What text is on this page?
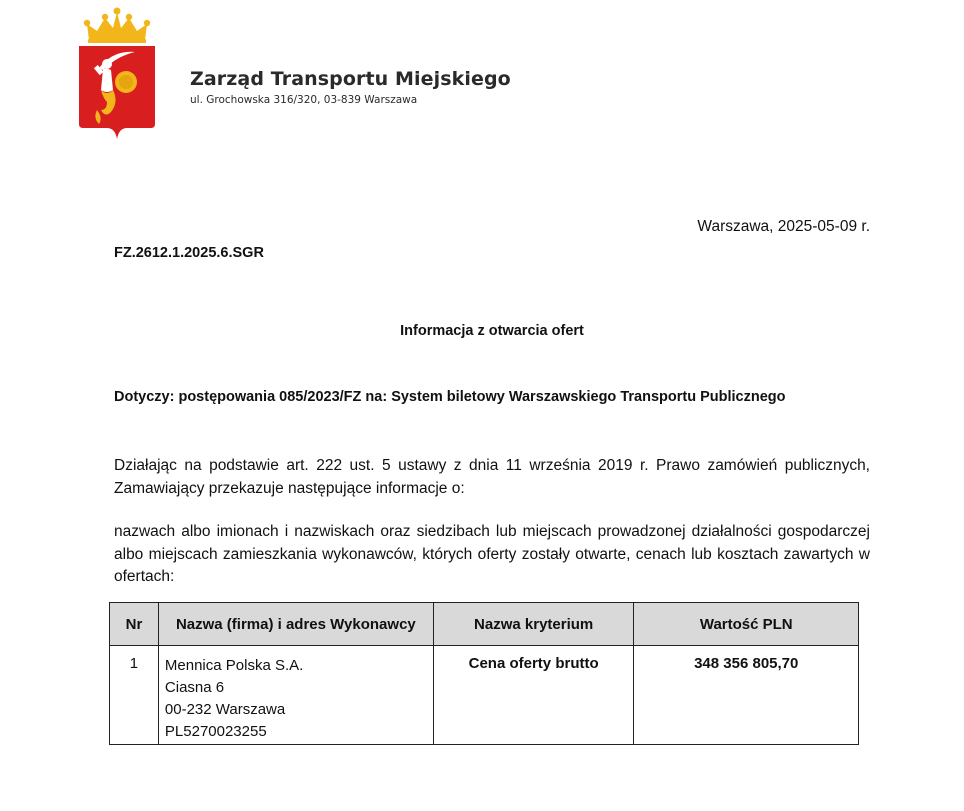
Zarząd Transportu Miejskiego
ul. Grochowska 316/320, 03-839 Warszawa
Warszawa, 2025-05-09 r.
FZ.2612.1.2025.6.SGR
Informacja z otwarcia ofert
Dotyczy: postępowania 085/2023/FZ na: System biletowy Warszawskiego Transportu Publicznego
Działając na podstawie art. 222 ust. 5 ustawy z dnia 11 września 2019 r. Prawo zamówień publicznych, Zamawiający przekazuje następujące informacje o:
nazwach albo imionach i nazwiskach oraz siedzibach lub miejscach prowadzonej działalności gospodarczej albo miejscach zamieszkania wykonawców, których oferty zostały otwarte, cenach lub kosztach zawartych w ofertach:
Nr	Nazwa (firma) i adres Wykonawcy	Nazwa kryterium	Wartość PLN
1	Mennica Polska S.A.
Ciasna 6
00-232 Warszawa
PL5270023255	Cena oferty brutto	348 356 805,70
